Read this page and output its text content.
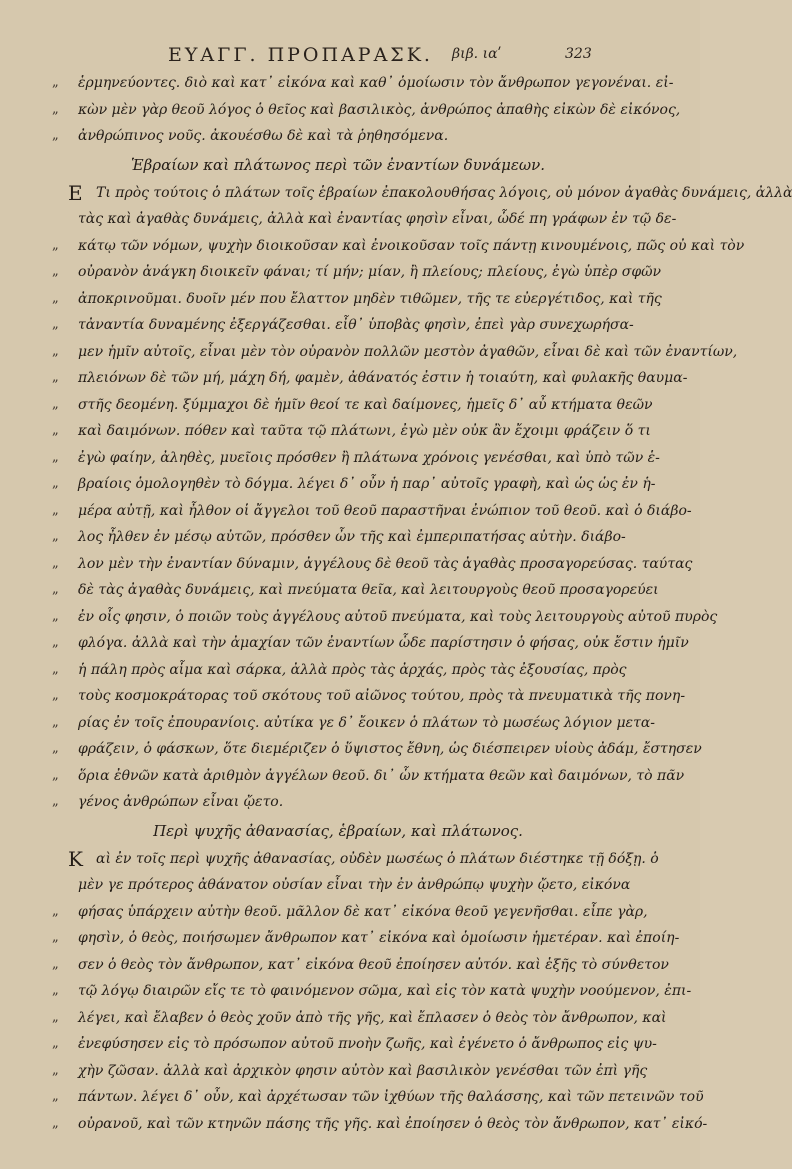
ΕΥΑΓΓ. ΠΡΟΠΑΡΑΣΚ. βιβ. ιαʹ	323
„ ἑρμηνεύοντες. διὸ καὶ κατ᾽ εἰκόνα καὶ καθ᾽ ὁμοίωσιν τὸν ἄνθρωπον γεγονέναι. εἰ-
„ κὼν μὲν γὰρ θεοῦ λόγος ὁ θεῖος καὶ βασιλικὸς, ἀνθρώπος ἀπαθὴς εἰκὼν δὲ εἰκόνος,
„ ἀνθρώπινος νοῦς. ἀκουέσθω δὲ καὶ τὰ ῥηθησόμενα.
Ἑβραίων καὶ πλάτωνος περὶ τῶν ἐναντίων δυνάμεων.
Ε Τι πρὸς τούτοις ὁ πλάτων τοῖς ἑβραίων ἐπακολουθήσας λόγοις, οὐ μόνον ἀγαθὰς δυνάμεις, ἀλλὰ
τὰς καὶ ἀγαθὰς δυνάμεις, ἀλλὰ καὶ ἐναντίας φησὶν εἶναι, ὧδέ πη γράφων ἐν τῷ δε-
„ κάτῳ τῶν νόμων, ψυχὴν διοικοῦσαν καὶ ἐνοικοῦσαν τοῖς πάντῃ κινουμένοις, πῶς οὐ καὶ τὸν
„ οὐρανὸν ἀνάγκη διοικεῖν φάναι; τί μήν; μίαν, ἢ πλείους; πλείους, ἐγὼ ὑπὲρ σφῶν
„ ἀποκρινοῦμαι. δυοῖν μέν που ἔλαττον μηδὲν τιθῶμεν, τῆς τε εὐεργέτιδος, καὶ τῆς
„ τἀναντία δυναμένης ἐξεργάζεσθαι. εἶθ᾽ ὑποβὰς φησὶν, ἐπεὶ γὰρ συνεχωρήσα-
„ μεν ἡμῖν αὐτοῖς, εἶναι μὲν τὸν οὐρανὸν πολλῶν μεστὸν ἀγαθῶν, εἶναι δὲ καὶ τῶν ἐναντίων,
„ πλειόνων δὲ τῶν μή, μάχη δή, φαμὲν, ἀθάνατός ἐστιν ἡ τοιαύτη, καὶ φυλακῆς θαυμα-
„ στῆς δεομένη. ξύμμαχοι δὲ ἡμῖν θεοί τε καὶ δαίμονες, ἡμεῖς δ᾽ αὖ κτήματα θεῶν
„ καὶ δαιμόνων. πόθεν καὶ ταῦτα τῷ πλάτωνι, ἐγὼ μὲν οὐκ ἂν ἔχοιμι φράζειν ὅ τι
„ ἐγὼ φαίην, ἀληθὲς, μυεῖοις πρόσθεν ἢ πλάτωνα χρόνοις γενέσθαι, καὶ ὑπὸ τῶν ἑ-
„ βραίοις ὁμολογηθὲν τὸ δόγμα. λέγει δ᾽ οὖν ἡ παρ᾽ αὐτοῖς γραφὴ, καὶ ὡς ὡς ἐν ἡ-
„ μέρα αὐτῇ, καὶ ἦλθον οἱ ἄγγελοι τοῦ θεοῦ παραστῆναι ἐνώπιον τοῦ θεοῦ. καὶ ὁ διάβο-
„ λος ἦλθεν ἐν μέσῳ αὐτῶν, πρόσθεν ὦν τῆς καὶ ἐμπεριπατήσας αὐτὴν. διάβο-
„ λον μὲν τὴν ἐναντίαν δύναμιν, ἀγγέλους δὲ θεοῦ τὰς ἀγαθὰς προσαγορεύσας. ταύτας
„ δὲ τὰς ἀγαθὰς δυνάμεις, καὶ πνεύματα θεῖα, καὶ λειτουργοὺς θεοῦ προσαγορεύει
„ ἐν οἷς φησιν, ὁ ποιῶν τοὺς ἀγγέλους αὐτοῦ πνεύματα, καὶ τοὺς λειτουργοὺς αὐτοῦ πυρὸς
„ φλόγα. ἀλλὰ καὶ τὴν ἀμαχίαν τῶν ἐναντίων ὧδε παρίστησιν ὁ φήσας, οὐκ ἔστιν ἡμῖν
„ ἡ πάλη πρὸς αἷμα καὶ σάρκα, ἀλλὰ πρὸς τὰς ἀρχάς, πρὸς τὰς ἐξουσίας, πρὸς
„ τοὺς κοσμοκράτορας τοῦ σκότους τοῦ αἰῶνος τούτου, πρὸς τὰ πνευματικὰ τῆς πονη-
„ ρίας ἐν τοῖς ἐπουρανίοις. αὐτίκα γε δ᾽ ἔοικεν ὁ πλάτων τὸ μωσέως λόγιον μετα-
„ φράζειν, ὁ φάσκων, ὅτε διεμέριζεν ὁ ὕψιστος ἔθνη, ὡς διέσπειρεν υἱοὺς ἀδάμ, ἔστησεν
„ ὅρια ἐθνῶν κατὰ ἀριθμὸν ἀγγέλων θεοῦ. δι᾽ ὧν κτήματα θεῶν καὶ δαιμόνων, τὸ πᾶν
„ γένος ἀνθρώπων εἶναι ᾤετο.
Περὶ ψυχῆς ἀθανασίας, ἑβραίων, καὶ πλάτωνος.
Κ αὶ ἐν τοῖς περὶ ψυχῆς ἀθανασίας, οὐδὲν μωσέως ὁ πλάτων διέστηκε τῇ δόξῃ. ὁ
μὲν γε πρότερος ἀθάνατον οὐσίαν εἶναι τὴν ἐν ἀνθρώπῳ ψυχὴν ᾤετο, εἰκόνα
„ φήσας ὑπάρχειν αὐτὴν θεοῦ. μᾶλλον δὲ κατ᾽ εἰκόνα θεοῦ γεγενῆσθαι. εἶπε γὰρ,
„ φησὶν, ὁ θεὸς, ποιήσωμεν ἄνθρωπον κατ᾽ εἰκόνα καὶ ὁμοίωσιν ἡμετέραν. καὶ ἐποίη-
„ σεν ὁ θεὸς τὸν ἄνθρωπον, κατ᾽ εἰκόνα θεοῦ ἐποίησεν αὐτόν. καὶ ἑξῆς τὸ σύνθετον
„ τῷ λόγῳ διαιρῶν εἴς τε τὸ φαινόμενον σῶμα, καὶ εἰς τὸν κατὰ ψυχὴν νοούμενον, ἐπι-
„ λέγει, καὶ ἔλαβεν ὁ θεὸς χοῦν ἀπὸ τῆς γῆς, καὶ ἔπλασεν ὁ θεὸς τὸν ἄνθρωπον, καὶ
„ ἐνεφύσησεν εἰς τὸ πρόσωπον αὐτοῦ πνοὴν ζωῆς, καὶ ἐγένετο ὁ ἄνθρωπος εἰς ψυ-
„ χὴν ζῶσαν. ἀλλὰ καὶ ἀρχικὸν φησιν αὐτὸν καὶ βασιλικὸν γενέσθαι τῶν ἐπὶ γῆς
„ πάντων. λέγει δ᾽ οὖν, καὶ ἀρχέτωσαν τῶν ἰχθύων τῆς θαλάσσης, καὶ τῶν πετεινῶν τοῦ
„ οὐρανοῦ, καὶ τῶν κτηνῶν πάσης τῆς γῆς. καὶ ἐποίησεν ὁ θεὸς τὸν ἄνθρωπον, κατ᾽ εἰκό-
